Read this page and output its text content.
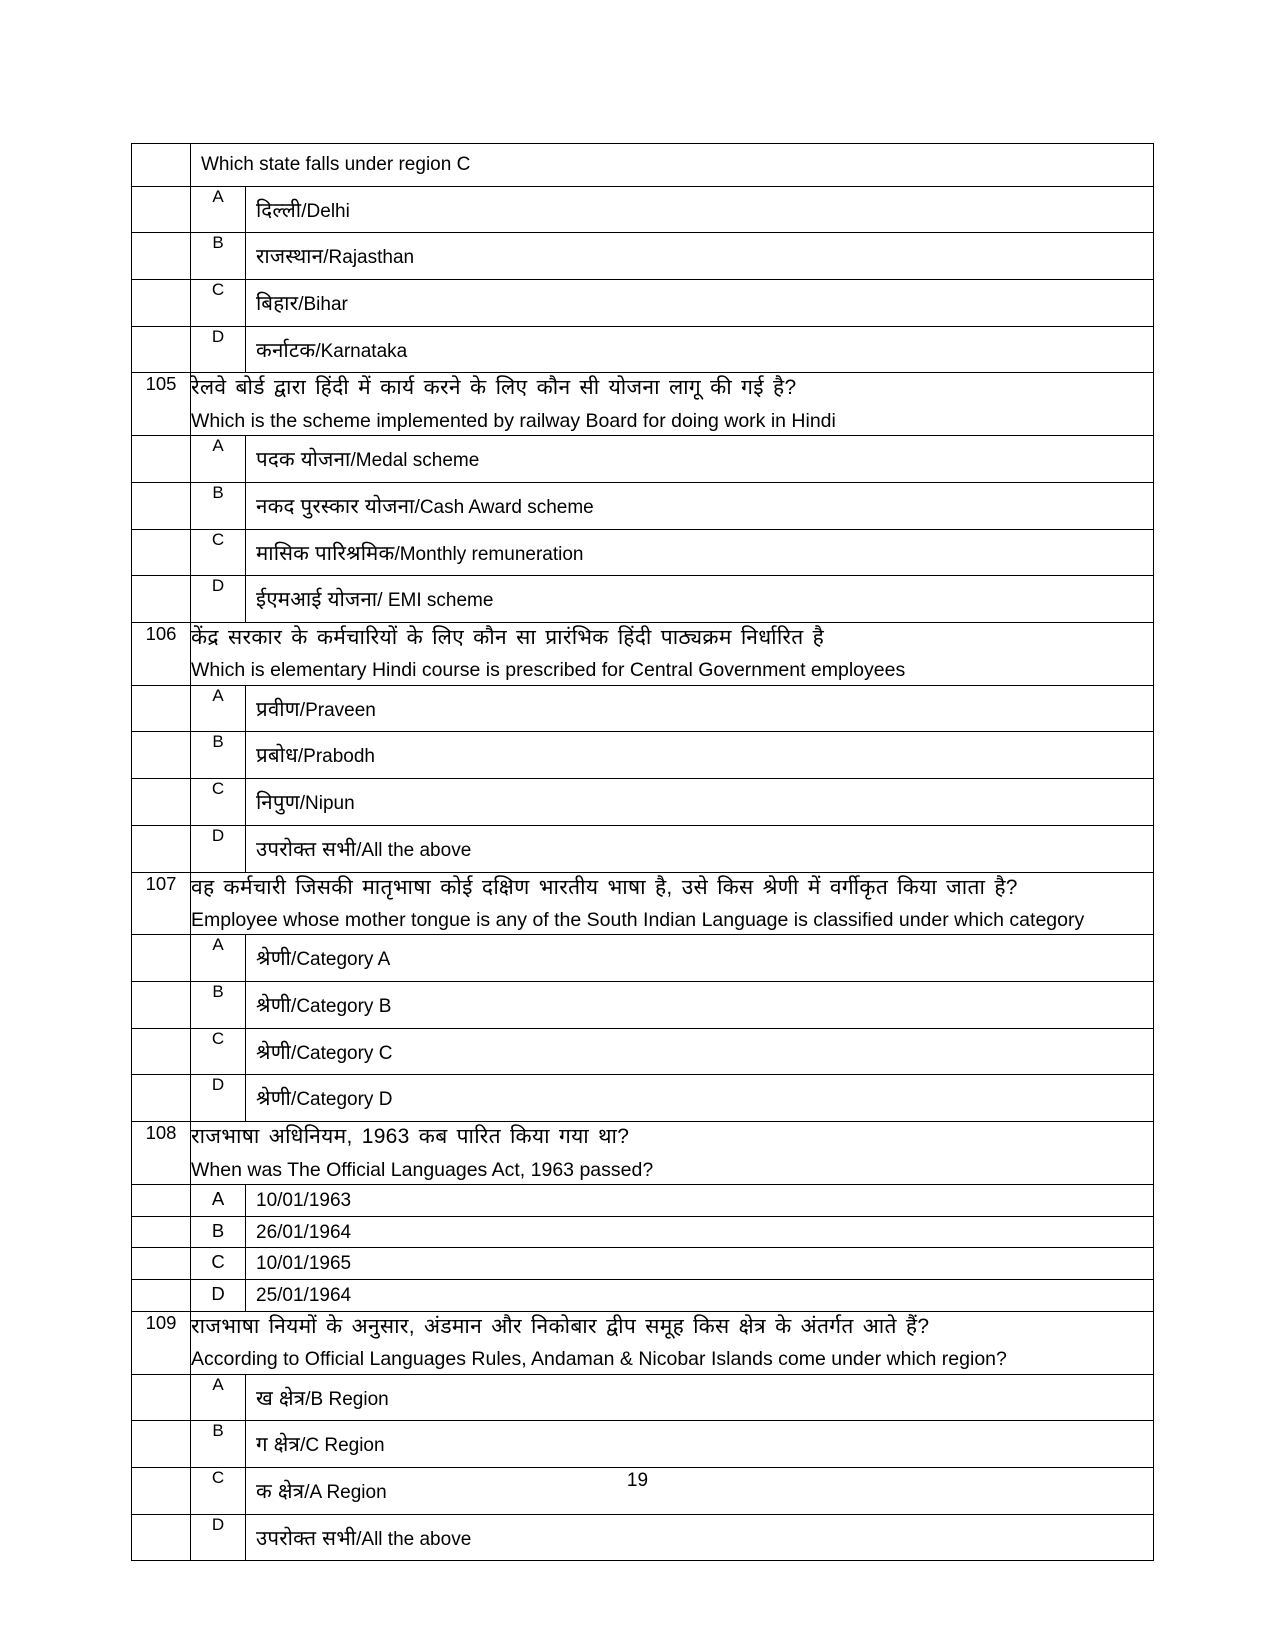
	Which state falls under region C	
	A	दिल्ली/Delhi
	B	राजस्थान/Rajasthan
	C	बिहार/Bihar
	D	कर्नाटक/Karnataka
105	रेलवे बोर्ड द्वारा हिंदी में कार्य करने के लिए कौन सी योजना लागू की गई है?
Which is the scheme implemented by railway Board for doing work in Hindi	

	A	पदक योजना/Medal scheme
	B	नकद पुरस्कार योजना/Cash Award scheme
	C	मासिक पारिश्रमिक/Monthly remuneration
	D	ईएमआई योजना/ EMI scheme
106	केंद्र सरकार के कर्मचारियों के लिए कौन सा प्रारंभिक हिंदी पाठ्यक्रम निर्धारित है
Which is elementary Hindi course is prescribed for Central Government employees	

	A	प्रवीण/Praveen
	B	प्रबोध/Prabodh
	C	निपुण/Nipun
	D	उपरोक्त सभी/All the above
107	वह कर्मचारी जिसकी मातृभाषा कोई दक्षिण भारतीय भाषा है, उसे किस श्रेणी में वर्गीकृत किया जाता है?
Employee whose mother tongue is any of the South Indian Language is classified under which category	

	A	श्रेणी/Category A
	B	श्रेणी/Category B
	C	श्रेणी/Category C
	D	श्रेणी/Category D
108	राजभाषा अधिनियम, 1963 कब पारित किया गया था?
When was The Official Languages Act, 1963 passed?	

	A	10/01/1963
	B	26/01/1964
	C	10/01/1965
	D	25/01/1964
109	राजभाषा नियमों के अनुसार, अंडमान और निकोबार द्वीप समूह किस क्षेत्र के अंतर्गत आते हैं?
According to Official Languages Rules, Andaman & Nicobar Islands come under which region?	

	A	ख क्षेत्र/B Region
	B	ग क्षेत्र/C Region
	C	क क्षेत्र/A Region
	D	उपरोक्त सभी/All the above
19
